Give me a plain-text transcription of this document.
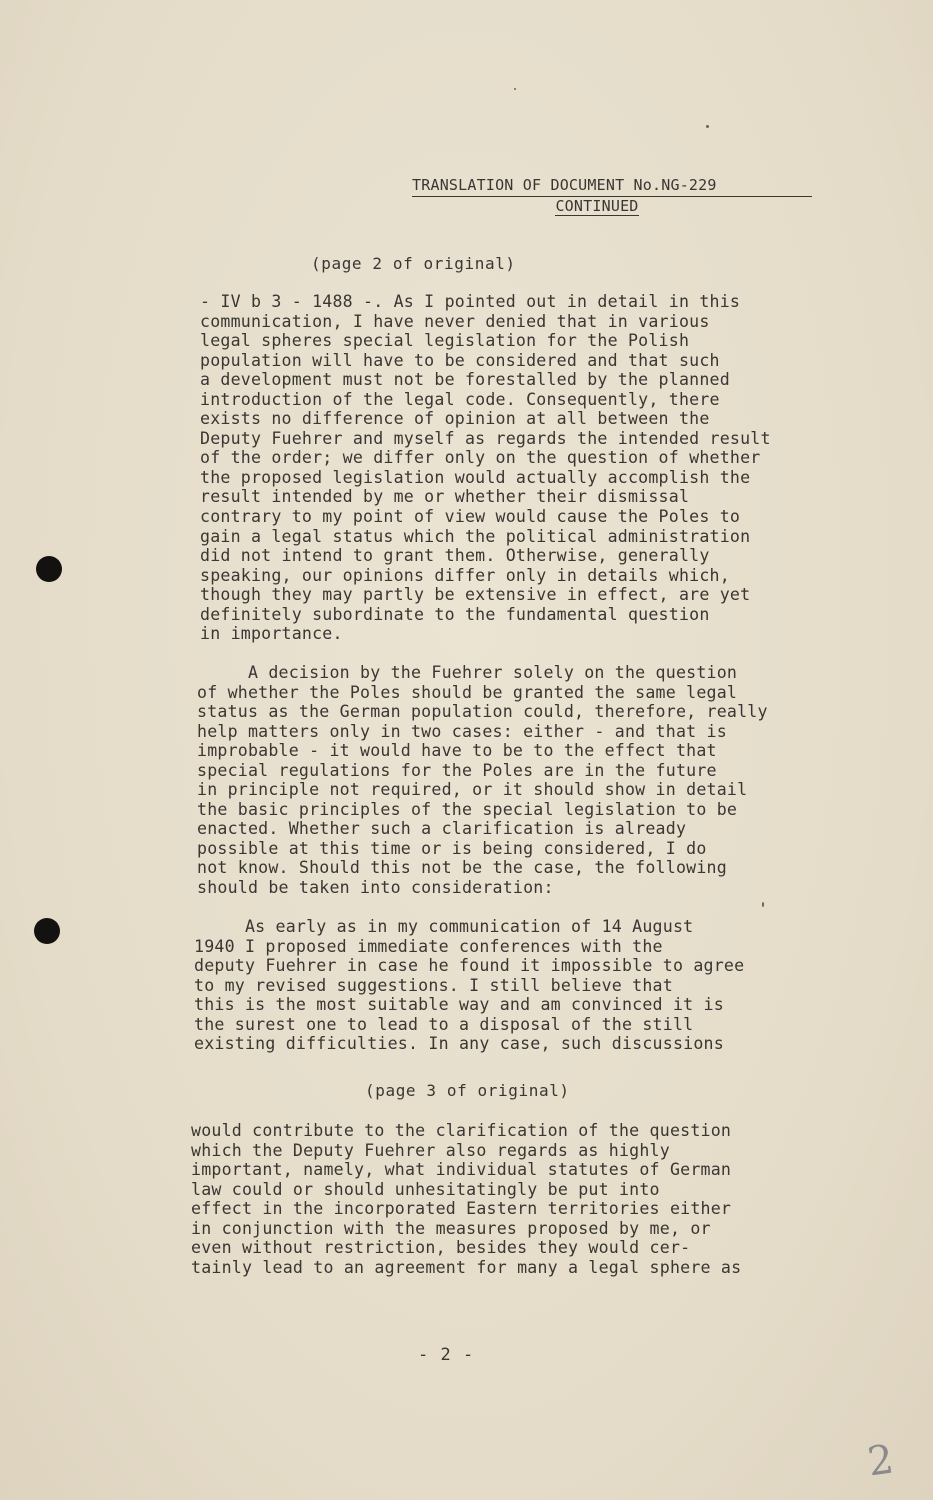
TRANSLATION OF DOCUMENT No.NG-229
CONTINUED
(page 2 of original)
- IV b 3 - 1488 -. As I pointed out in detail in this
communication, I have never denied that in various
legal spheres special legislation for the Polish
population will have to be considered and that such
a development must not be forestalled by the planned
introduction of the legal code. Consequently, there
exists no difference of opinion at all between the
Deputy Fuehrer and myself as regards the intended result
of the order; we differ only on the question of whether
the proposed legislation would actually accomplish the
result intended by me or whether their dismissal
contrary to my point of view would cause the Poles to
gain a legal status which the political administration
did not intend to grant them. Otherwise, generally
speaking, our opinions differ only in details which,
though they may partly be extensive in effect, are yet
definitely subordinate to the fundamental question
in importance.
A decision by the Fuehrer solely on the question
of whether the Poles should be granted the same legal
status as the German population could, therefore, really
help matters only in two cases: either - and that is
improbable - it would have to be to the effect that
special regulations for the Poles are in the future
in principle not required, or it should show in detail
the basic principles of the special legislation to be
enacted. Whether such a clarification is already
possible at this time or is being considered, I do
not know. Should this not be the case, the following
should be taken into consideration:
As early as in my communication of 14 August
1940 I proposed immediate conferences with the
deputy Fuehrer in case he found it impossible to agree
to my revised suggestions. I still believe that
this is the most suitable way and am convinced it is
the surest one to lead to a disposal of the still
existing difficulties. In any case, such discussions
(page 3 of original)
would contribute to the clarification of the question
which the Deputy Fuehrer also regards as highly
important, namely, what individual statutes of German
law could or should unhesitatingly be put into
effect in the incorporated Eastern territories either
in conjunction with the measures proposed by me, or
even without restriction, besides they would cer-
tainly lead to an agreement for many a legal sphere as
- 2 -
2
